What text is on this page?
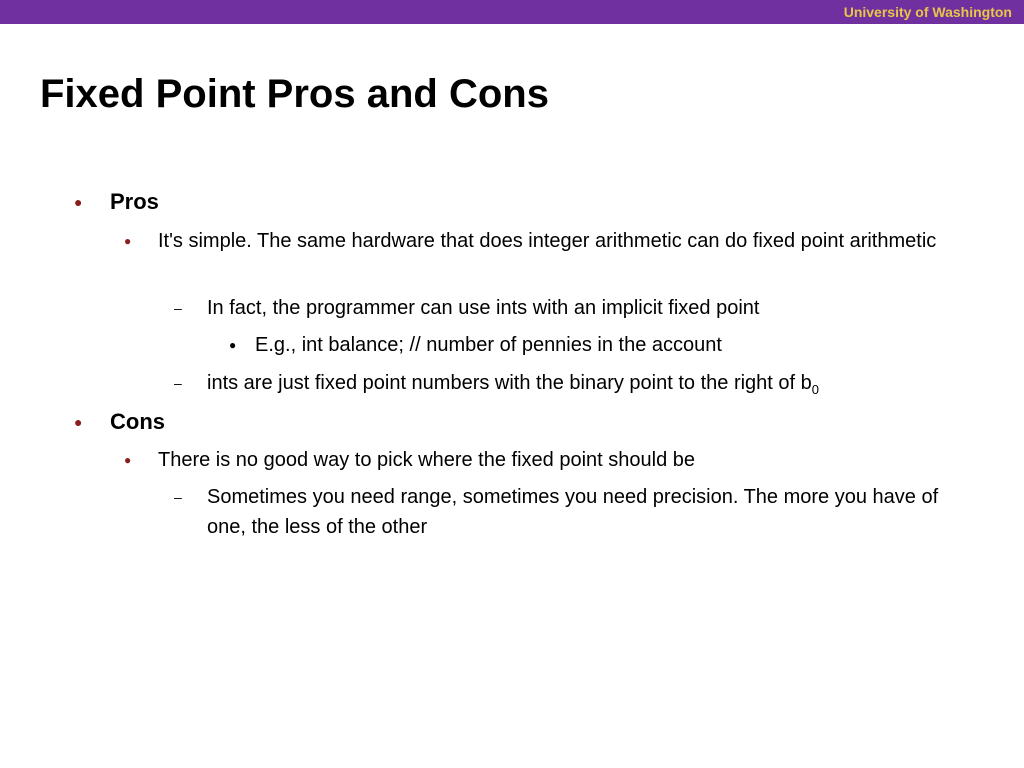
University of Washington
Fixed Point Pros and Cons
● Pros
● It's simple. The same hardware that does integer arithmetic can do fixed point arithmetic
– In fact, the programmer can use ints with an implicit fixed point
● E.g., int balance; // number of pennies in the account
– ints are just fixed point numbers with the binary point to the right of $b_0$
● Cons
● There is no good way to pick where the fixed point should be
– Sometimes you need range, sometimes you need precision. The more you have of one, the less of the other
